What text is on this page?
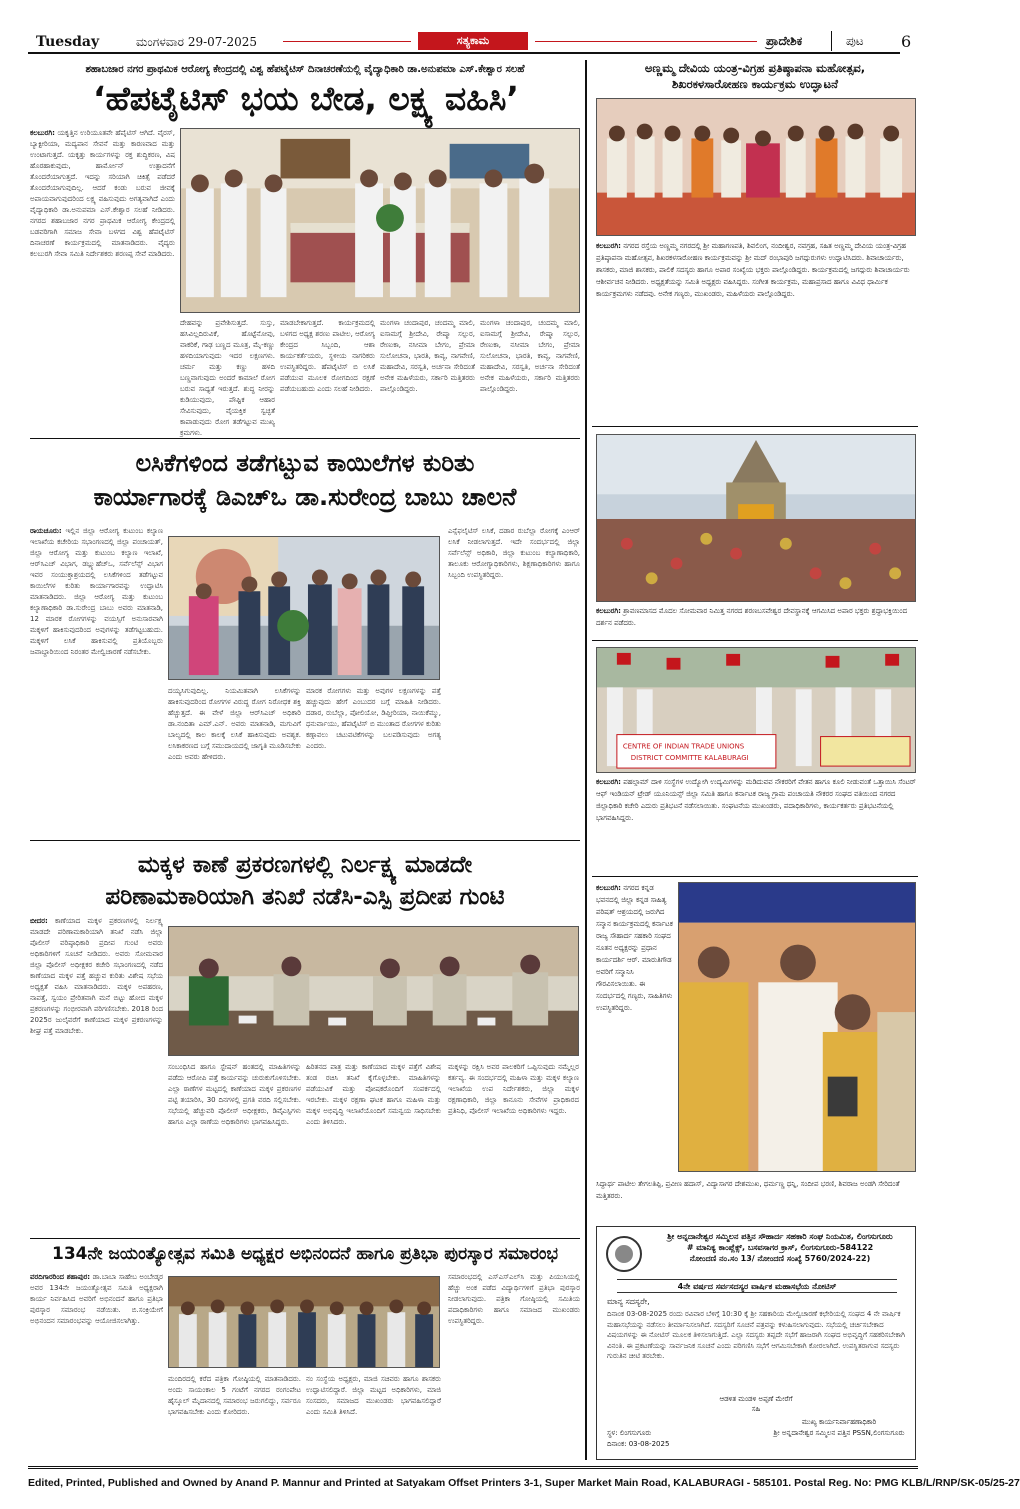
Tuesday	ಮಂಗಳವಾರ 29-07-2025	ಸತ್ಯಕಾಮ	ಪ್ರಾದೇಶಿಕ	ಪುಟ 6
ಶಹಾಬಜಾರ ನಗರ ಪ್ರಾಥಮಿಕ ಆರೋಗ್ಯ ಕೇಂದ್ರದಲ್ಲಿ ವಿಶ್ವ ಹೆಪಟೈಟಿಸ್ ದಿನಾಚರಣೆಯಲ್ಲಿ ವೈದ್ಯಾಧಿಕಾರಿ ಡಾ.ಅನುಪಮಾ ಎಸ್.ಕೇಶ್ವಾರ ಸಲಹೆ
‘ಹೆಪಟೈಟಿಸ್ ಭಯ ಬೇಡ, ಲಕ್ಷ್ಯ ವಹಿಸಿ’
ಕಲಬುರಗಿ: ಯಕೃತ್ತಿನ ಉರಿಯೂತವೇ ಹೆಪೈಟಿಸ್ ಆಗಿದೆ. ವೈರಸ್, ಬ್ಯಾಕ್ಟೀರಿಯಾ, ಮದ್ಯಪಾನ ಸೇವನೆ ಮತ್ತು ಕಾರಣವಾದ ಮತ್ತು ಉಂಟಾಗುತ್ತದೆ. ಯಕೃತ್ತು ಕಾರ್ಯಗಳನ್ನು ರಕ್ತ ಶುದ್ಧಿಕರಣ, ವಿಷ ಹೊರಹಾಕುವುದು, ಹಾರ್ಮೋನ್ ಉತ್ಪಾದನೆಗೆ ತೊಂದರೆಯಾಗುತ್ತದೆ. ಇದನ್ನು ಸರಿಯಾಗಿ ಚಿಕಿತ್ಸೆ ಪಡೆದರೆ ತೊಂದರೆಯಾಗುವುದಿಲ್ಲ. ಆದರೆ ಕಂಡು ಬರುವ ಜೀವಕ್ಕೆ ಅಪಾಯವಾಗುವುದರಿಂದ ಲಕ್ಷ್ಯ ವಹಿಸುವುದು ಅಗತ್ಯವಾಗಿದೆ ಎಂದು ವೈದ್ಯಾಧಿಕಾರಿ ಡಾ.ಅನುಪಮಾ ಎಸ್.ಕೇಶ್ವಾರ ಸಲಹೆ ನೀಡಿದರು. ನಗರದ ಶಹಾಬಜಾರ ನಗರ ಪ್ರಾಥಮಿಕ ಆರೋಗ್ಯ ಕೇಂದ್ರದಲ್ಲಿ ಬಡವರಿಗಾಗಿ ಸಮಾಜ ಸೇವಾ ಬಳಗದ ವಿಶ್ವ ಹೆಪಟೈಟಿಸ್ ದಿನಾಚರಣೆ ಕಾರ್ಯಕ್ರಮದಲ್ಲಿ ಮಾತನಾಡಿದರು. ವೈದ್ಯರು ಕಲಬುರಗಿ ಸೇವಾ ಸಮಿತಿ ನಿರ್ದೇಶಕರು ಶರಣಪ್ಪ ಸೇವೆ ಮಾಡಿದರು.
ದೇಹವನ್ನು ಪ್ರವೇಶಿಸುತ್ತದೆ. ಸುಸ್ತು, ಹಸಿವಿಲ್ಲದಿರುವಿಕೆ, ಹೊಟ್ಟೆನೋವು, ವಾಕರಿಕೆ, ಗಾಢ ಬಣ್ಣದ ಮೂತ್ರ, ಮೈ-ಕಣ್ಣು ಹಳದಿಯಾಗುವುದು ಇದರ ಲಕ್ಷಣಗಳು. ಚರ್ಮ ಮತ್ತು ಕಣ್ಣು ಹಳದಿ ಬಣ್ಣವಾಗುವುದು ಅಂದರೆ ಕಾಮಾಲೆ ರೋಗ ಬರುವ ಸಾಧ್ಯತೆ ಇರುತ್ತದೆ. ಶುದ್ಧ ನೀರನ್ನು ಕುಡಿಯುವುದು, ಪೌಷ್ಟಿಕ ಆಹಾರ ಸೇವಿಸುವುದು, ವೈಯಕ್ತಿಕ ಸ್ವಚ್ಛತೆ ಕಾಪಾಡುವುದು ರೋಗ ತಡೆಗಟ್ಟುವ ಮುಖ್ಯ ಕ್ರಮಗಳು.
ಮಾಡಬೇಕಾಗುತ್ತದೆ. ಕಾರ್ಯಕ್ರಮದಲ್ಲಿ ಬಳಗದ ಅಧ್ಯಕ್ಷ ಶರಣು ಪಾಟೀಲ, ಆರೋಗ್ಯ ಕೇಂದ್ರದ ಸಿಬ್ಬಂದಿ, ಆಶಾ ಕಾರ್ಯಕರ್ತೆಯರು, ಸ್ಥಳೀಯ ನಾಗರಿಕರು ಉಪಸ್ಥಿತರಿದ್ದರು. ಹೆಪಟೈಟಿಸ್ ಬಿ ಲಸಿಕೆ ಪಡೆಯುವ ಮೂಲಕ ರೋಗದಿಂದ ರಕ್ಷಣೆ ಪಡೆಯಬಹುದು ಎಂದು ಸಲಹೆ ನೀಡಿದರು.
ಮಂಗಳಾ ಚಂದಾಪುರ, ಚಂದಮ್ಮ ಮಾಲಿ, ಐಸಾಮಗ್ಗೆ ಶ್ರೀದೇವಿ, ರೇಷ್ಮಾ ಸಲ್ಪುರ, ರೇಣುಕಾ, ನಸೀಮಾ ಬೇಗಂ, ಪ್ರೇಮಾ ಸುಲೋಚನಾ, ಭಾರತಿ, ಕಾವ್ಯ, ನಾಗವೇಣಿ, ಮಹಾದೇವಿ, ಸರಸ್ವತಿ, ಅರ್ಚನಾ ಸೇರಿದಂತೆ ಅನೇಕ ಮಹಿಳೆಯರು, ಸರ್ಕಾರಿ ಮತ್ತಿತರರು ಪಾಲ್ಗೊಂಡಿದ್ದರು.
ಮಂಗಳಾ ಚಂದಾಪುರ, ಚಂದಮ್ಮ ಮಾಲಿ, ಐಸಾಮಗ್ಗೆ ಶ್ರೀದೇವಿ, ರೇಷ್ಮಾ ಸಲ್ಪುರ, ರೇಣುಕಾ, ನಸೀಮಾ ಬೇಗಂ, ಪ್ರೇಮಾ ಸುಲೋಚನಾ, ಭಾರತಿ, ಕಾವ್ಯ, ನಾಗವೇಣಿ, ಮಹಾದೇವಿ, ಸರಸ್ವತಿ, ಅರ್ಚನಾ ಸೇರಿದಂತೆ ಅನೇಕ ಮಹಿಳೆಯರು, ಸರ್ಕಾರಿ ಮತ್ತಿತರರು ಪಾಲ್ಗೊಂಡಿದ್ದರು.
ಲಸಿಕೆಗಳಿಂದ ತಡೆಗಟ್ಟುವ ಕಾಯಿಲೆಗಳ ಕುರಿತು
ಕಾರ್ಯಾಗಾರಕ್ಕೆ ಡಿಎಚ್‌ಒ ಡಾ.ಸುರೇಂದ್ರ ಬಾಬು ಚಾಲನೆ
ರಾಯಚೂರು: ಇಲ್ಲಿನ ಜಿಲ್ಲಾ ಆರೋಗ್ಯ ಕುಟುಂಬ ಕಲ್ಯಾಣ ಇಲಾಖೆಯ ಕಚೇರಿಯ ಸಭಾಂಗಣದಲ್ಲಿ ಜಿಲ್ಲಾ ಪಂಚಾಯತ್, ಜಿಲ್ಲಾ ಆರೋಗ್ಯ ಮತ್ತು ಕುಟುಂಬ ಕಲ್ಯಾಣ ಇಲಾಖೆ, ಆರ್‌ಸಿಎಚ್ ವಿಭಾಗ, ಡಬ್ಲ್ಯುಹೆಚ್‌ಒ, ಸರ್ವೆಲೆನ್ಸ್ ವಿಭಾಗ ಇವರ ಸಂಯುಕ್ತಾಶ್ರಯದಲ್ಲಿ ಲಸಿಕೆಗಳಿಂದ ತಡೆಗಟ್ಟುವ ಕಾಯಿಲೆಗಳ ಕುರಿತು ಕಾರ್ಯಾಗಾರವನ್ನು ಉದ್ಘಾಟಿಸಿ ಮಾತನಾಡಿದರು. ಜಿಲ್ಲಾ ಆರೋಗ್ಯ ಮತ್ತು ಕುಟುಂಬ ಕಲ್ಯಾಣಾಧಿಕಾರಿ ಡಾ.ಸುರೇಂದ್ರ ಬಾಬು ಅವರು ಮಾತನಾಡಿ, 12 ಮಾರಕ ರೋಗಗಳನ್ನು ವಯಸ್ಸಿಗೆ ಅನುಸಾರವಾಗಿ ಮಕ್ಕಳಿಗೆ ಹಾಕಿಸುವುದರಿಂದ ಅವುಗಳನ್ನು ತಡೆಗಟ್ಟಬಹುದು. ಮಕ್ಕಳಿಗೆ ಲಸಿಕೆ ಹಾಕಿಸುವಲ್ಲಿ ಪ್ರತಿಯೊಬ್ಬರು ಜವಾಬ್ದಾರಿಯಿಂದ ನಿರಂತರ ಮೇಲ್ವಿಚಾರಣೆ ನಡೆಸಬೇಕು.
ಎನ್ಸೆಫಲೈಟಿಸ್ ಲಸಿಕೆ, ದಡಾರ ರುಬೆಲ್ಲಾ ರೋಗಕ್ಕೆ ಎಂಆರ್ ಲಸಿಕೆ ನೀಡಲಾಗುತ್ತದೆ. ಇದೇ ಸಂದರ್ಭದಲ್ಲಿ ಜಿಲ್ಲಾ ಸರ್ವೆಲೆನ್ಸ್ ಅಧಿಕಾರಿ, ಜಿಲ್ಲಾ ಕುಟುಂಬ ಕಲ್ಯಾಣಾಧಿಕಾರಿ, ತಾಲೂಕು ಆರೋಗ್ಯಾಧಿಕಾರಿಗಳು, ಶಿಕ್ಷಣಾಧಿಕಾರಿಗಳು ಹಾಗೂ ಸಿಬ್ಬಂದಿ ಉಪಸ್ಥಿತರಿದ್ದರು.
ದಯ್ಯಸಿಗುವುದಿಲ್ಲ. ನಿಯಮಿತವಾಗಿ ಲಸಿಕೆಗಳನ್ನು ಹಾಕಿಸುವುದರಿಂದ ರೋಗಗಳ ವಿರುದ್ಧ ರೋಗ ನಿರೋಧಕ ಶಕ್ತಿ ಹೆಚ್ಚುತ್ತದೆ. ಈ ವೇಳೆ ಜಿಲ್ಲಾ ಆರ್‌ಸಿಎಚ್ ಅಧಿಕಾರಿ ಡಾ.ನಂದಿತಾ ಎಮ್.ಎನ್. ಅವರು ಮಾತನಾಡಿ, ಮಗುವಿಗೆ ಬಾಲ್ಯದಲ್ಲಿ ಕಾಲ ಕಾಲಕ್ಕೆ ಲಸಿಕೆ ಹಾಕಿಸುವುದು ಅವಶ್ಯಕ. ಲಸಿಕಾಕರಣದ ಬಗ್ಗೆ ಸಮುದಾಯದಲ್ಲಿ ಜಾಗೃತಿ ಮೂಡಿಸಬೇಕು ಎಂದು ಅವರು ಹೇಳಿದರು.
ಮಾರಕ ರೋಗಗಳು ಮತ್ತು ಅವುಗಳ ಲಕ್ಷಣಗಳನ್ನು ಪತ್ತೆ ಹಚ್ಚುವುದು ಹೇಗೆ ಎಂಬುದರ ಬಗ್ಗೆ ಮಾಹಿತಿ ನೀಡಿದರು. ದಡಾರ, ರುಬೆಲ್ಲಾ, ಪೋಲಿಯೋ, ಡಿಫ್ತೀರಿಯಾ, ನಾಯಿಕೆಮ್ಮು, ಧನುರ್ವಾಯು, ಹೆಪಟೈಟಿಸ್ ಬಿ ಮುಂತಾದ ರೋಗಗಳ ಕುರಿತು ಕಣ್ಗಾವಲು ಚಟುವಟಿಕೆಗಳನ್ನು ಬಲಪಡಿಸುವುದು ಅಗತ್ಯ ಎಂದರು.
ಮಕ್ಕಳ ಕಾಣೆ ಪ್ರಕರಣಗಳಲ್ಲಿ ನಿರ್ಲಕ್ಷ್ಯ ಮಾಡದೇ
ಪರಿಣಾಮಕಾರಿಯಾಗಿ ತನಿಖೆ ನಡೆಸಿ-ಎಸ್ಪಿ ಪ್ರದೀಪ ಗುಂಟಿ
ಬೀದರ: ಕಾಣೆಯಾದ ಮಕ್ಕಳ ಪ್ರಕರಣಗಳಲ್ಲಿ ನಿರ್ಲಕ್ಷ್ಯ ಮಾಡದೇ ಪರಿಣಾಮಕಾರಿಯಾಗಿ ತನಿಖೆ ನಡೆಸಿ ಜಿಲ್ಲಾ ಪೊಲೀಸ್ ವರಿಷ್ಠಾಧಿಕಾರಿ ಪ್ರದೀಪ ಗುಂಟಿ ಅವರು ಅಧಿಕಾರಿಗಳಿಗೆ ಸೂಚನೆ ನೀಡಿದರು. ಅವರು ಸೋಮವಾರ ಜಿಲ್ಲಾ ಪೊಲೀಸ್ ಅಧೀಕ್ಷಕರ ಕಚೇರಿ ಸಭಾಂಗಣದಲ್ಲಿ ನಡೆದ ಕಾಣೆಯಾದ ಮಕ್ಕಳ ಪತ್ತೆ ಹಚ್ಚುವ ಕುರಿತು ವಿಶೇಷ ಸಭೆಯ ಅಧ್ಯಕ್ಷತೆ ವಹಿಸಿ ಮಾತನಾಡಿದರು. ಮಕ್ಕಳ ಅಪಹರಣ, ನಾಪತ್ತೆ, ಸ್ವಯಂ ಪ್ರೇರಿತವಾಗಿ ಮನೆ ಬಿಟ್ಟು ಹೋದ ಮಕ್ಕಳ ಪ್ರಕರಣಗಳನ್ನು ಗಂಭೀರವಾಗಿ ಪರಿಗಣಿಸಬೇಕು. 2018 ರಿಂದ 2025ರ ಜುಲೈವರೆಗೆ ಕಾಣೆಯಾದ ಮಕ್ಕಳ ಪ್ರಕರಣಗಳನ್ನು ಶೀಘ್ರ ಪತ್ತೆ ಮಾಡಬೇಕು.
ಸಂಬಂಧಿಸಿದ ಹಾಗೂ ಸ್ಟೇಷನ್ ಹಂತದಲ್ಲಿ ಮಾಹಿತಿಗಳನ್ನು ಪಡೆದು ಆರೋಪಿ ಪತ್ತೆ ಕಾರ್ಯವನ್ನು ಚುರುಕುಗೊಳಿಸಬೇಕು. ಎಲ್ಲಾ ಠಾಣೆಗಳ ಮಟ್ಟದಲ್ಲಿ ಕಾಣೆಯಾದ ಮಕ್ಕಳ ಪ್ರಕರಣಗಳ ಪಟ್ಟಿ ತಯಾರಿಸಿ, 30 ದಿನಗಳಲ್ಲಿ ಪ್ರಗತಿ ವರದಿ ಸಲ್ಲಿಸಬೇಕು. ಸಭೆಯಲ್ಲಿ ಹೆಚ್ಚುವರಿ ಪೊಲೀಸ್ ಅಧೀಕ್ಷಕರು, ಡಿವೈಎಸ್ಪಿಗಳು ಹಾಗೂ ಎಲ್ಲಾ ಠಾಣೆಯ ಅಧಿಕಾರಿಗಳು ಭಾಗವಹಿಸಿದ್ದರು.
ಹಿರಿತನದ ಪಾತ್ರ ಮತ್ತು ಕಾಣೆಯಾದ ಮಕ್ಕಳ ಪತ್ತೆಗೆ ವಿಶೇಷ ತಂಡ ರಚಿಸಿ ತನಿಖೆ ಕೈಗೊಳ್ಳಬೇಕು. ಮಾಹಿತಿಗಳನ್ನು ಪಡೆಯುವಿಕೆ ಮತ್ತು ಪೋಷಕರೊಂದಿಗೆ ಸಂಪರ್ಕದಲ್ಲಿ ಇರಬೇಕು. ಮಕ್ಕಳ ರಕ್ಷಣಾ ಘಟಕ ಹಾಗೂ ಮಹಿಳಾ ಮತ್ತು ಮಕ್ಕಳ ಅಭಿವೃದ್ಧಿ ಇಲಾಖೆಯೊಂದಿಗೆ ಸಮನ್ವಯ ಸಾಧಿಸಬೇಕು ಎಂದು ತಿಳಿಸಿದರು.
ಮಕ್ಕಳನ್ನು ರಕ್ಷಿಸಿ ಅವರ ಪಾಲಕರಿಗೆ ಒಪ್ಪಿಸುವುದು ನಮ್ಮೆಲ್ಲರ ಕರ್ತವ್ಯ. ಈ ಸಂದರ್ಭದಲ್ಲಿ ಮಹಿಳಾ ಮತ್ತು ಮಕ್ಕಳ ಕಲ್ಯಾಣ ಇಲಾಖೆಯ ಉಪ ನಿರ್ದೇಶಕರು, ಜಿಲ್ಲಾ ಮಕ್ಕಳ ರಕ್ಷಣಾಧಿಕಾರಿ, ಜಿಲ್ಲಾ ಕಾನೂನು ಸೇವೆಗಳ ಪ್ರಾಧಿಕಾರದ ಪ್ರತಿನಿಧಿ, ಪೊಲೀಸ್ ಇಲಾಖೆಯ ಅಧಿಕಾರಿಗಳು ಇದ್ದರು.
134ನೇ ಜಯಂತ್ಯೋತ್ಸವ ಸಮಿತಿ ಅಧ್ಯಕ್ಷರ ಅಭಿನಂದನೆ ಹಾಗೂ ಪ್ರತಿಭಾ ಪುರಸ್ಕಾರ ಸಮಾರಂಭ
ವರದಿಗಾರರಿಂದ ಶಹಾಪುರ: ಡಾ.ಬಾಬಾ ಸಾಹೇಬ ಅಂಬೇಡ್ಕರ ಅವರ 134ನೇ ಜಯಂತ್ಯೋತ್ಸವ ಸಮಿತಿ ಅಧ್ಯಕ್ಷರಾಗಿ ಕಾರ್ಯ ನಿರ್ವಹಿಸಿದ ಅವರಿಗೆ ಅಭಿನಂದನೆ ಹಾಗೂ ಪ್ರತಿಭಾ ಪುರಸ್ಕಾರ ಸಮಾರಂಭ ನಡೆಯಿತು. ಬಿ.ಸಂಕ್ರಿಯೇಗೆ ಅಭಿನಂದನ ಸಮಾರಂಭವನ್ನು ಆಯೋಜಿಸಲಾಗಿತ್ತು.
ಸಮಾರಂಭದಲ್ಲಿ ಎಸ್‌ಎಸ್‌ಎಲ್‌ಸಿ ಮತ್ತು ಪಿಯುಸಿಯಲ್ಲಿ ಹೆಚ್ಚು ಅಂಕ ಪಡೆದ ವಿದ್ಯಾರ್ಥಿಗಳಿಗೆ ಪ್ರತಿಭಾ ಪುರಸ್ಕಾರ ನೀಡಲಾಗುವುದು. ಪತ್ರಿಕಾ ಗೋಷ್ಠಿಯಲ್ಲಿ ಸಮಿತಿಯ ಪದಾಧಿಕಾರಿಗಳು ಹಾಗೂ ಸಮಾಜದ ಮುಖಂಡರು ಉಪಸ್ಥಿತರಿದ್ದರು.
ಮಂದಿರದಲ್ಲಿ ಕರೆದ ಪತ್ರಿಕಾ ಗೋಷ್ಠಿಯಲ್ಲಿ ಮಾತನಾಡಿದರು. ಅಂದು ಸಾಯಂಕಾಲ 5 ಗಂಟೆಗೆ ನಗರದ ರಂಗಂಪೇಟ ಹೈಸ್ಕೂಲ್ ಮೈದಾನದಲ್ಲಿ ಸಮಾರಂಭ ಜರುಗಲಿದ್ದು, ಸರ್ವರೂ ಭಾಗವಹಿಸಬೇಕು ಎಂದು ಕೋರಿದರು.
ನಂ ಸಂಸ್ಥೆಯ ಅಧ್ಯಕ್ಷರು, ಮಾಜಿ ಸಚಿವರು ಹಾಗೂ ಶಾಸಕರು ಉದ್ಘಾಟಿಸಲಿದ್ದಾರೆ. ಜಿಲ್ಲಾ ಮಟ್ಟದ ಅಧಿಕಾರಿಗಳು, ಮಾಜಿ ಸಂಸದರು, ಸಮಾಜದ ಮುಖಂಡರು ಭಾಗವಹಿಸಲಿದ್ದಾರೆ ಎಂದು ಸಮಿತಿ ತಿಳಿಸಿದೆ.
ಅಣ್ಣಮ್ಮ ದೇವಿಯ ಯಂತ್ರ-ವಿಗ್ರಹ ಪ್ರತಿಷ್ಠಾಪನಾ ಮಹೋತ್ಸವ,
ಶಿಖರಕಳಸಾರೋಹಣ ಕಾರ್ಯಕ್ರಮ ಉದ್ಘಾಟನೆ
ಕಲಬುರಗಿ: ನಗರದ ರಸ್ತೆಯ ಅಣ್ಣಮ್ಮ ನಗರದಲ್ಲಿ ಶ್ರೀ ಮಹಾಗಣಪತಿ, ಶಿವಲಿಂಗ, ನಂದೀಶ್ವರ, ನವಗ್ರಹ, ಸಹಿತ ಅಣ್ಣಮ್ಮ ದೇವಿಯ ಯಂತ್ರ-ವಿಗ್ರಹ ಪ್ರತಿಷ್ಠಾಪನಾ ಮಹೋತ್ಸವ, ಶಿಖರಕಳಸಾರೋಹಣ ಕಾರ್ಯಕ್ರಮವನ್ನು ಶ್ರೀ ಮದ್ ರಂಭಾಪುರಿ ಜಗದ್ಗುರುಗಳು ಉದ್ಘಾಟಿಸಿದರು. ಶಿವಾಚಾರ್ಯರು, ಶಾಸಕರು, ಮಾಜಿ ಶಾಸಕರು, ಪಾಲಿಕೆ ಸದಸ್ಯರು ಹಾಗೂ ಅಪಾರ ಸಂಖ್ಯೆಯ ಭಕ್ತರು ಪಾಲ್ಗೊಂಡಿದ್ದರು. ಕಾರ್ಯಕ್ರಮದಲ್ಲಿ ಜಗದ್ಗುರು ಶಿವಾಚಾರ್ಯರು ಆಶೀರ್ವಚನ ನೀಡಿದರು. ಅಧ್ಯಕ್ಷತೆಯನ್ನು ಸಮಿತಿ ಅಧ್ಯಕ್ಷರು ವಹಿಸಿದ್ದರು. ಸಂಗೀತ ಕಾರ್ಯಕ್ರಮ, ಮಹಾಪ್ರಸಾದ ಹಾಗೂ ವಿವಿಧ ಧಾರ್ಮಿಕ ಕಾರ್ಯಕ್ರಮಗಳು ನಡೆದವು. ಅನೇಕ ಗಣ್ಯರು, ಮುಖಂಡರು, ಮಹಿಳೆಯರು ಪಾಲ್ಗೊಂಡಿದ್ದರು.
ಕಲಬುರಗಿ: ಶ್ರಾವಣಮಾಸದ ಮೊದಲ ಸೋಮವಾರ ನಿಮಿತ್ತ ನಗರದ ಶರಣಬಸವೇಶ್ವರ ದೇವಸ್ಥಾನಕ್ಕೆ ಆಗಮಿಸಿದ ಅಪಾರ ಭಕ್ತರು ಶ್ರದ್ಧಾಭಕ್ತಿಯಿಂದ ದರ್ಶನ ಪಡೆದರು.
CENTRE OF INDIAN TRADE UNIONS
DISTRICT COMMITTE KALABURAGI
ಕಲಬುರಗಿ: ಪಹಲ್ಗಾಮ್ ದಾಳಿ ಸಂಸ್ಥೆಗಳ ಉದ್ಯೋಗಿ ಉದ್ಯಮಿಗಳನ್ನು ಮಡಿದುವವ ನೌಕರರಿಗೆ ವೇತನ ಹಾಗೂ ಕೂಲಿ ನೀಡುವಂತೆ ಒತ್ತಾಯಿಸಿ ಸೆಂಟರ್ ಆಫ್ ಇಂಡಿಯನ್ ಟ್ರೇಡ್ ಯೂನಿಯನ್ಸ್ ಜಿಲ್ಲಾ ಸಮಿತಿ ಹಾಗೂ ಕರ್ನಾಟಕ ರಾಜ್ಯ ಗ್ರಾಮ ಪಂಚಾಯತಿ ನೌಕರರ ಸಂಘದ ವತಿಯಿಂದ ನಗರದ ಜಿಲ್ಲಾಧಿಕಾರಿ ಕಚೇರಿ ಎದುರು ಪ್ರತಿಭಟನೆ ನಡೆಸಲಾಯಿತು. ಸಂಘಟನೆಯ ಮುಖಂಡರು, ಪದಾಧಿಕಾರಿಗಳು, ಕಾರ್ಯಕರ್ತರು ಪ್ರತಿಭಟನೆಯಲ್ಲಿ ಭಾಗವಹಿಸಿದ್ದರು.
ಕಲಬುರಗಿ: ನಗರದ ಕನ್ನಡ ಭವನದಲ್ಲಿ ಜಿಲ್ಲಾ ಕನ್ನಡ ಸಾಹಿತ್ಯ ಪರಿಷತ್ ಆಶ್ರಯದಲ್ಲಿ ಜರುಗಿದ ಸನ್ಮಾನ ಕಾರ್ಯಕ್ರಮದಲ್ಲಿ ಕರ್ನಾಟಕ ರಾಜ್ಯ ಸೌಹಾರ್ದ ಸಹಕಾರಿ ಸಂಘದ ನೂತನ ಅಧ್ಯಕ್ಷರನ್ನು ಪ್ರಧಾನ ಕಾರ್ಯದರ್ಶಿ ಆರ್. ಮಾರುತಿಗೌಡ ಅವರಿಗೆ ಸನ್ಮಾನಿಸಿ ಗೌರವಿಸಲಾಯಿತು. ಈ ಸಂದರ್ಭದಲ್ಲಿ ಗಣ್ಯರು, ಸಾಹಿತಿಗಳು ಉಪಸ್ಥಿತರಿದ್ದರು.
ಸಿದ್ದಾರ್ಥ ಪಾಟೀಲ ತೇಗಲತಿಪ್ಪಿ, ಪ್ರವೀಣ ಹದಾಸ್, ವಿದ್ಯಾಸಾಗರ ದೇಶಮುಖ, ಧರ್ಮಣ್ಣ ಧನ್ನಿ, ಸಂದೀಪ ಭರಣಿ, ಶಿವರಾಜ ಅಂಡಗಿ ಸೇರಿದಂತೆ ಮತ್ತಿತರರು.
ಶ್ರೀ ಅನ್ನದಾನೇಶ್ವರ ಸಮ್ಮಿಲನ ಪತ್ತಿನ ಸೌಹಾರ್ದ ಸಹಕಾರಿ ಸಂಘ ನಿಯಮಿತ, ಲಿಂಗಸುಗೂರು
# ಮಾನಿಕ್ಯ ಕಾಂಪ್ಲೆಕ್ಸ್, ಬಸವಸಾಗರ ಕ್ರಾಸ್, ಲಿಂಗಸುಗೂರು-584122
ನೋಂದಣಿ ನಂ.ಸಂ 13/ ನೋಂದಣಿ ಸಂಖ್ಯೆ 5760/2024-22)
4ನೇ ವರ್ಷದ ಸರ್ವಸದಸ್ಯರ ವಾರ್ಷಿಕ ಮಹಾಸಭೆಯ ನೋಟಿಸ್
ಮಾನ್ಯ ಸದಸ್ಯರೇ,
ದಿನಾಂಕ 03-08-2025 ರಂದು ರವಿವಾರ ಬೆಳಿಗ್ಗೆ 10:30 ಕ್ಕೆ ಶ್ರೀ ಸಹಕಾರಿಯ ಮೇಲ್ವಿಚಾರಣೆ ಕಛೇರಿಯಲ್ಲಿ ಸಂಘದ 4 ನೇ ವಾರ್ಷಿಕ ಮಹಾಸಭೆಯನ್ನು ನಡೆಸಲು ತೀರ್ಮಾನಿಸಲಾಗಿದೆ. ಸದಸ್ಯರಿಗೆ ಸೂಚನೆ ಪತ್ರವನ್ನು ಕಳುಹಿಸಲಾಗುವುದು. ಸಭೆಯಲ್ಲಿ ಚರ್ಚಿಸಬೇಕಾದ ವಿಷಯಗಳನ್ನು ಈ ನೋಟಿಸ್ ಮೂಲಕ ತಿಳಿಸಲಾಗುತ್ತಿದೆ. ಎಲ್ಲಾ ಸದಸ್ಯರು ತಪ್ಪದೇ ಸಭೆಗೆ ಹಾಜರಾಗಿ ಸಂಘದ ಅಭಿವೃದ್ಧಿಗೆ ಸಹಕರಿಸಬೇಕಾಗಿ ವಿನಂತಿ. ಈ ಪ್ರಕಟಣೆಯನ್ನು ಸಾರ್ವಜನಿಕ ಸೂಚನೆ ಎಂದು ಪರಿಗಣಿಸಿ ಸಭೆಗೆ ಆಗಮಿಸಬೇಕಾಗಿ ಕೋರಲಾಗಿದೆ. ಉಪಸ್ಥಿತರಾಗುವ ಸದಸ್ಯರು ಗುರುತಿನ ಚೀಟಿ ತರಬೇಕು.
ಆಡಳಿತ ಮಂಡಳಿ ಅಪ್ಪಣೆ ಮೇರೆಗೆ
ಸಹಿ
ಸ್ಥಳ: ಲಿಂಗಸುಗೂರು
ದಿನಾಂಕ: 03-08-2025
ಮುಖ್ಯ ಕಾರ್ಯನಿರ್ವಾಹಣಾಧಿಕಾರಿ
ಶ್ರೀ ಅನ್ನದಾನೇಶ್ವರ ಸಮ್ಮಿಲನ ಪತ್ತಿನ PSSN,ಲಿಂಗಸುಗೂರು
Edited, Printed, Published and Owned by Anand P. Mannur and Printed at Satyakam Offset Printers 3-1, Super Market Main Road, KALABURAGI - 585101. Postal Reg. No: PMG KLB/L/RNP/SK-05/25-27
